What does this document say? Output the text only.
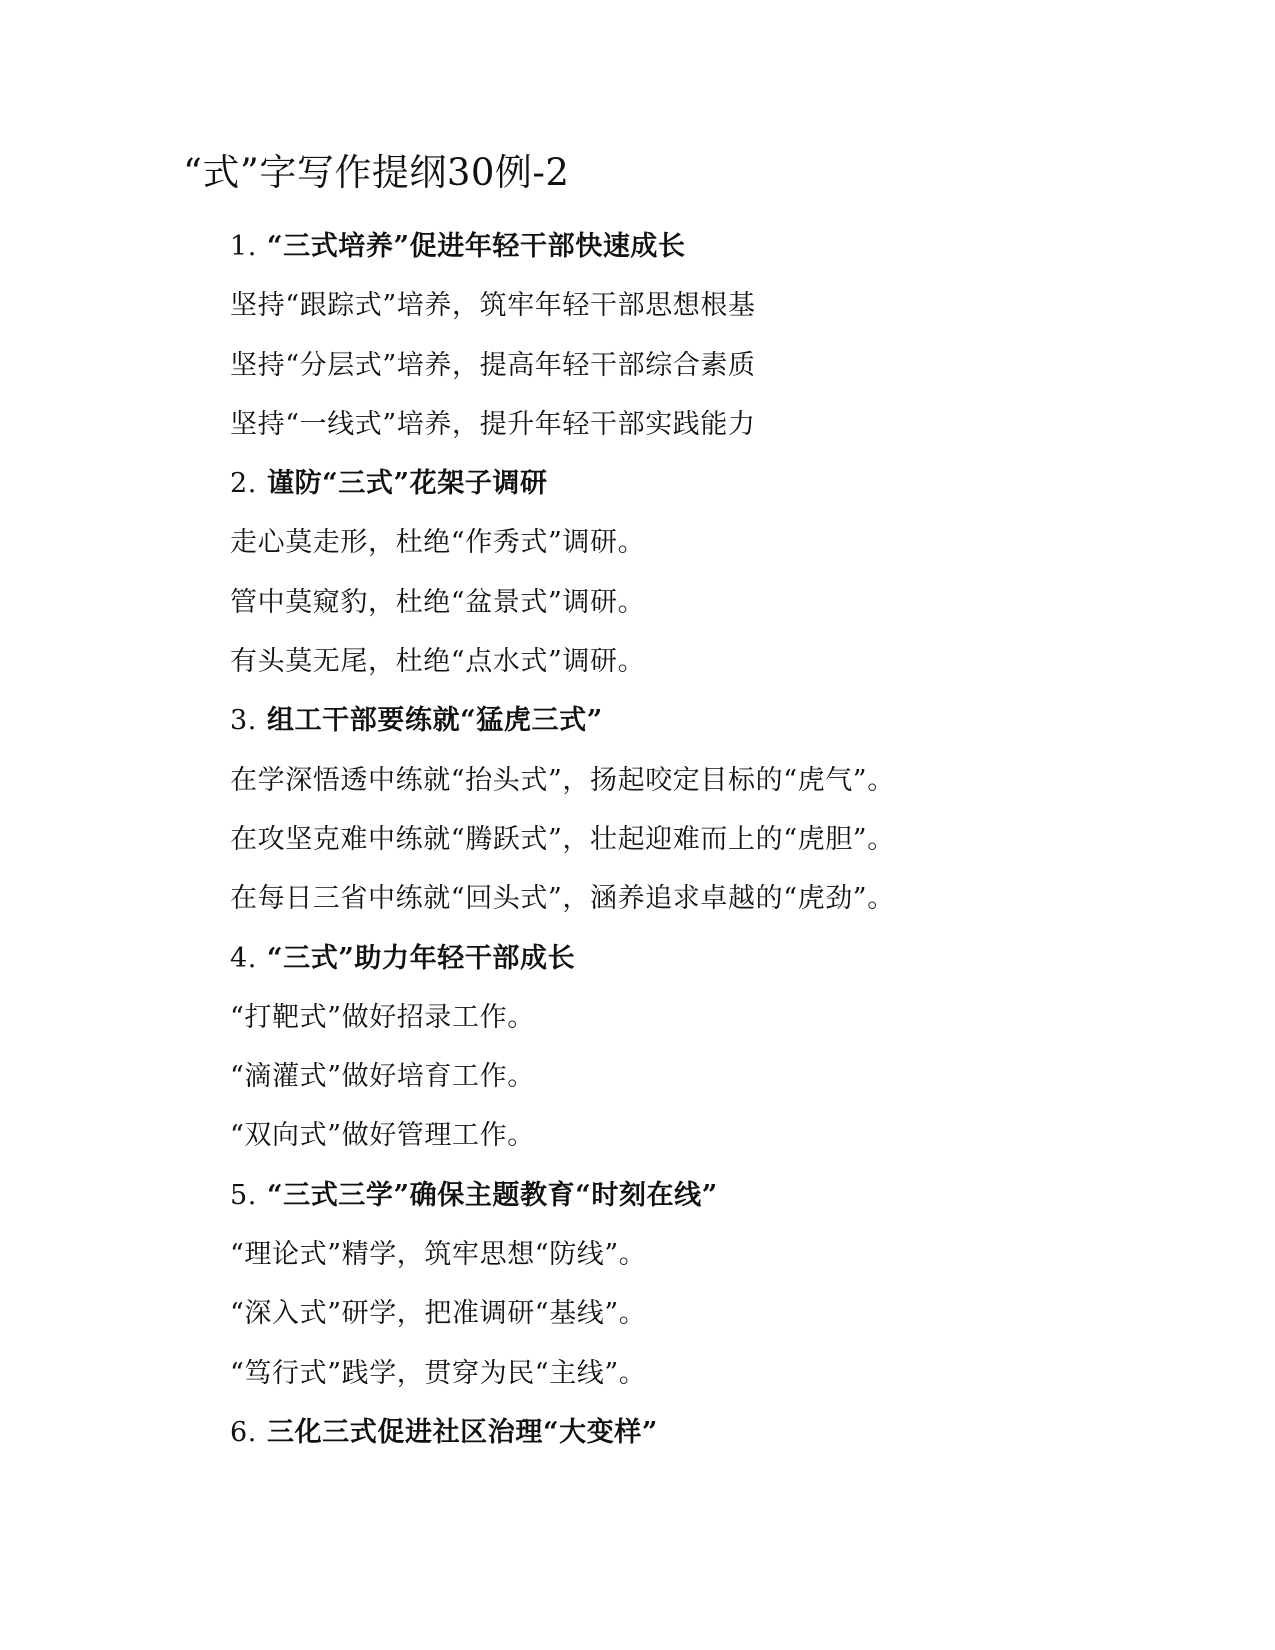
“式”字写作提纲30例-2
1. “三式培养”促进年轻干部快速成长
坚持“跟踪式”培养，筑牢年轻干部思想根基
坚持“分层式”培养，提高年轻干部综合素质
坚持“一线式”培养，提升年轻干部实践能力
2. 谨防“三式”花架子调研
走心莫走形，杜绝“作秀式”调研。
管中莫窥豹，杜绝“盆景式”调研。
有头莫无尾，杜绝“点水式”调研。
3. 组工干部要练就“猛虎三式”
在学深悟透中练就“抬头式”，扬起咬定目标的“虎气”。
在攻坚克难中练就“腾跃式”，壮起迎难而上的“虎胆”。
在每日三省中练就“回头式”，涵养追求卓越的“虎劲”。
4. “三式”助力年轻干部成长
“打靶式”做好招录工作。
“滴灌式”做好培育工作。
“双向式”做好管理工作。
5. “三式三学”确保主题教育“时刻在线”
“理论式”精学，筑牢思想“防线”。
“深入式”研学，把准调研“基线”。
“笃行式”践学，贯穿为民“主线”。
6. 三化三式促进社区治理“大变样”
